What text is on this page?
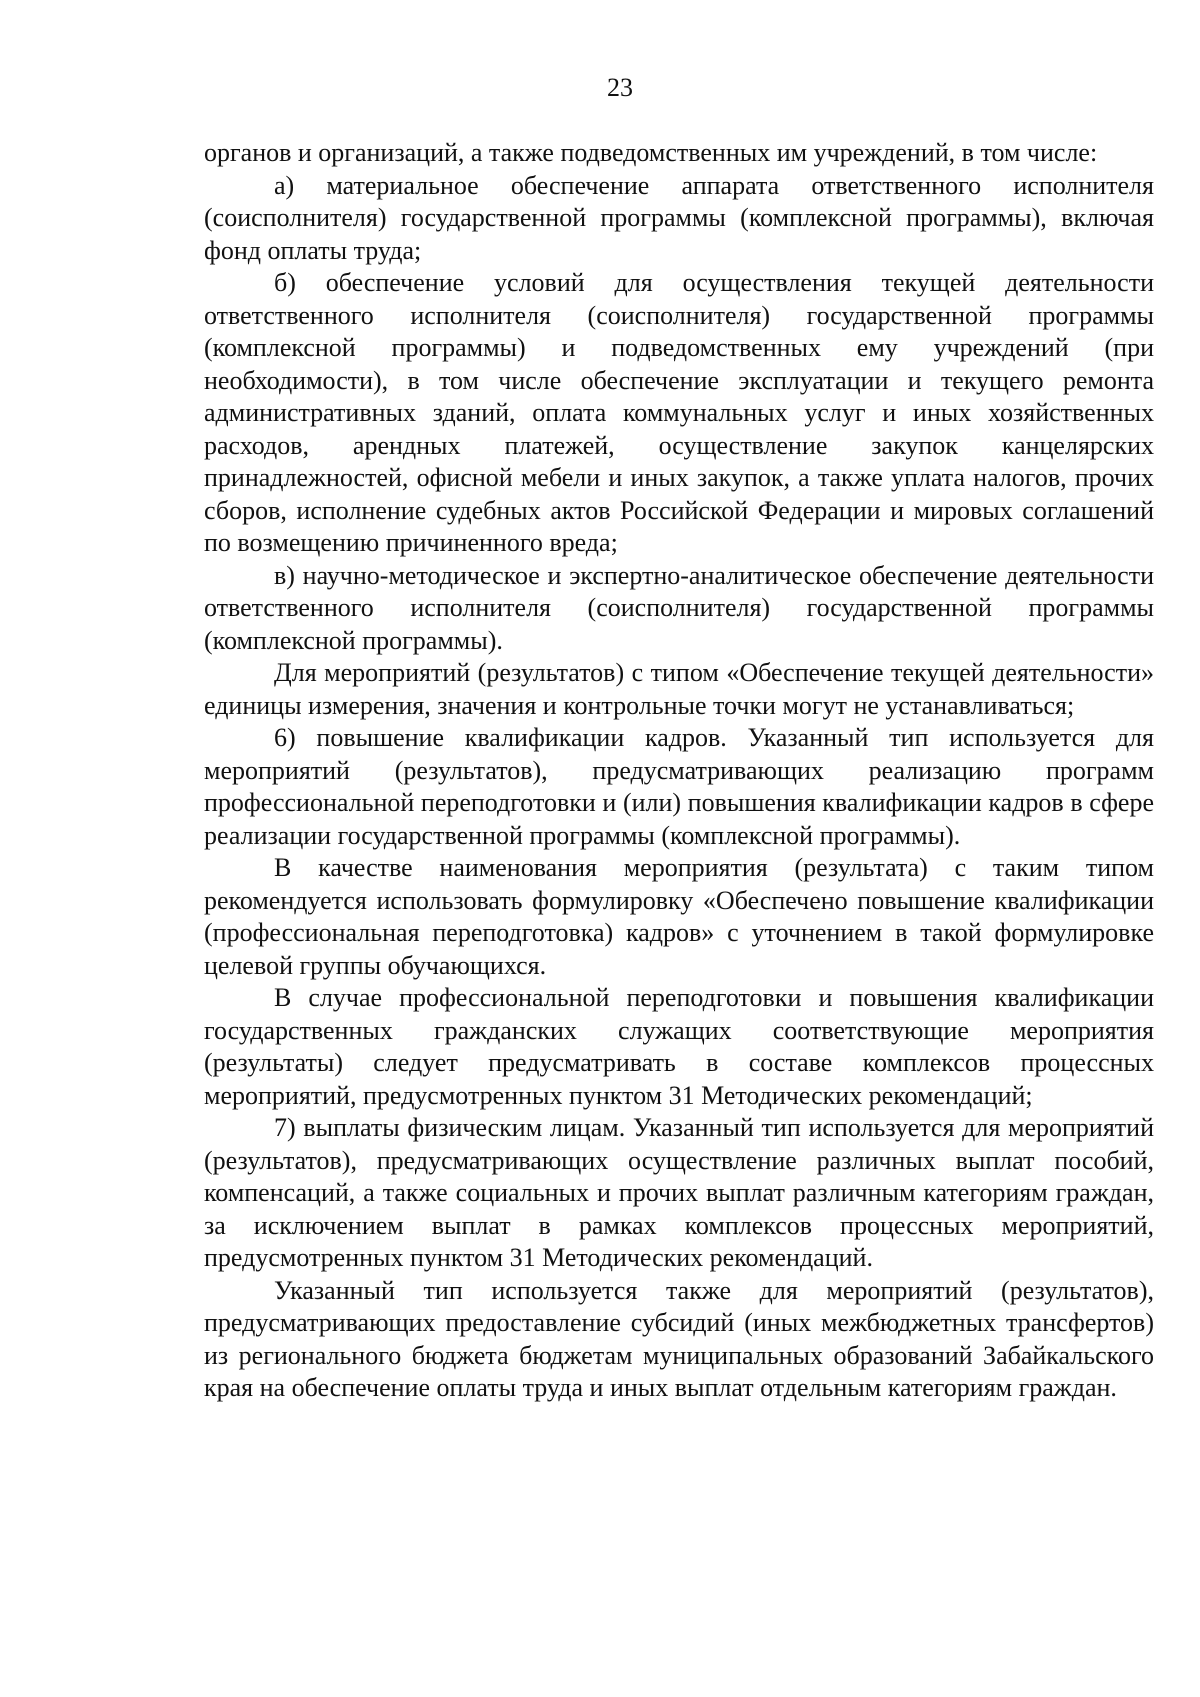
23

органов и организаций, а также подведомственных им учреждений, в том числе:

а) материальное обеспечение аппарата ответственного исполнителя (соисполнителя) государственной программы (комплексной программы), включая фонд оплаты труда;

б) обеспечение условий для осуществления текущей деятельности ответственного исполнителя (соисполнителя) государственной программы (комплексной программы) и подведомственных ему учреждений (при необходимости), в том числе обеспечение эксплуатации и текущего ремонта административных зданий, оплата коммунальных услуг и иных хозяйственных расходов, арендных платежей, осуществление закупок канцелярских принадлежностей, офисной мебели и иных закупок, а также уплата налогов, прочих сборов, исполнение судебных актов Российской Федерации и мировых соглашений по возмещению причиненного вреда;

в) научно-методическое и экспертно-аналитическое обеспечение деятельности ответственного исполнителя (соисполнителя) государственной программы (комплексной программы).

Для мероприятий (результатов) с типом «Обеспечение текущей деятельности» единицы измерения, значения и контрольные точки могут не устанавливаться;

6) повышение квалификации кадров. Указанный тип используется для мероприятий (результатов), предусматривающих реализацию программ профессиональной переподготовки и (или) повышения квалификации кадров в сфере реализации государственной программы (комплексной программы).

В качестве наименования мероприятия (результата) с таким типом рекомендуется использовать формулировку «Обеспечено повышение квалификации (профессиональная переподготовка) кадров» с уточнением в такой формулировке целевой группы обучающихся.

В случае профессиональной переподготовки и повышения квалификации государственных гражданских служащих соответствующие мероприятия (результаты) следует предусматривать в составе комплексов процессных мероприятий, предусмотренных пунктом 31 Методических рекомендаций;

7) выплаты физическим лицам. Указанный тип используется для мероприятий (результатов), предусматривающих осуществление различных выплат пособий, компенсаций, а также социальных и прочих выплат различным категориям граждан, за исключением выплат в рамках комплексов процессных мероприятий, предусмотренных пунктом 31 Методических рекомендаций.

Указанный тип используется также для мероприятий (результатов), предусматривающих предоставление субсидий (иных межбюджетных трансфертов) из регионального бюджета бюджетам муниципальных образований Забайкальского края на обеспечение оплаты труда и иных выплат отдельным категориям граждан.
